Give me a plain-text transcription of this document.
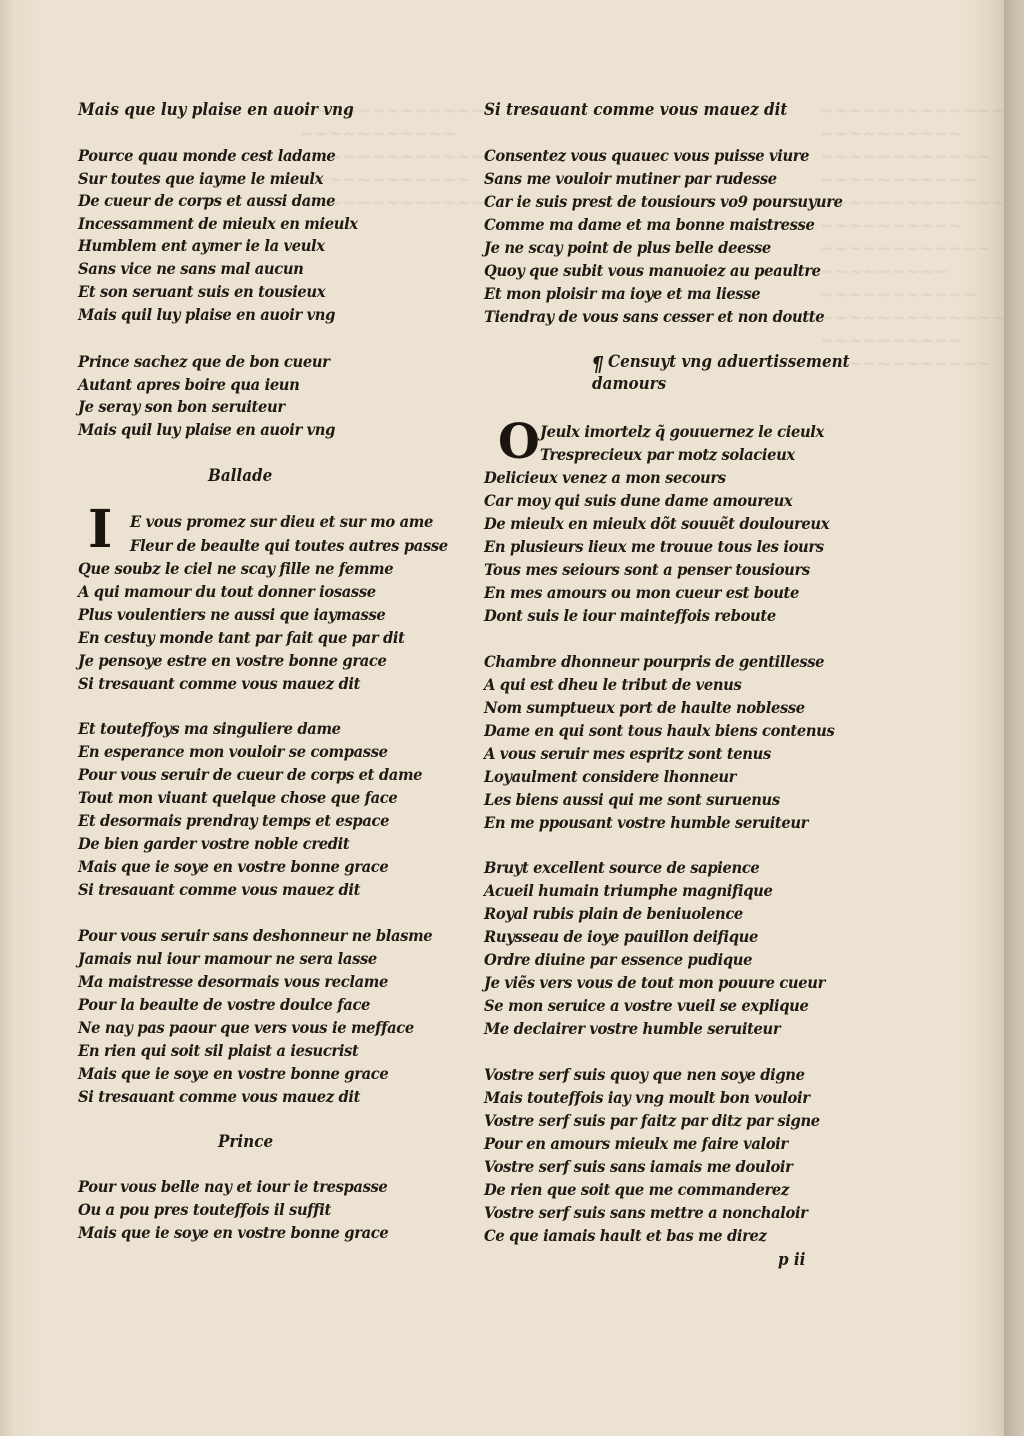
~~~~~~~~~~~~~
~~~~~~~~~~~
~~~~~~~~~~~~~~
~~~~~~~~~~~~
~~~~~~~~~~~~~
~~~~~~~~~~~~~
~~~~~~~~~~
~~~~~~~~~~~~
~~~~~~~~~~~
~~~~~~~~~~~~~
~~~~~~~~~~
~~~~~~~~~~~~
~~~~~~~~~
~~~~~~~~~~~
~~~~~~~~~~~~~
~~~~~~~~~~
~~~~~~~~~~~~
Mais que luy plaise en auoir vng
Pource quau monde cest ladame
Sur toutes que iayme le mieulx
De cueur de corps et aussi dame
Incessamment de mieulx en mieulx
Humblem ent aymer ie la veulx
Sans vice ne sans mal aucun
Et son seruant suis en tousieux
Mais quil luy plaise en auoir vng
Prince sachez que de bon cueur
Autant apres boire qua ieun
Je seray son bon seruiteur
Mais quil luy plaise en auoir vng
Ballade
I E vous promez sur dieu et sur mo ame
Fleur de beaulte qui toutes autres passe
Que soubz le ciel ne scay fille ne femme
A qui mamour du tout donner iosasse
Plus voulentiers ne aussi que iaymasse
En cestuy monde tant par fait que par dit
Je pensoye estre en vostre bonne grace
Si tresauant comme vous mauez dit
Et touteffoys ma singuliere dame
En esperance mon vouloir se compasse
Pour vous seruir de cueur de corps et dame
Tout mon viuant quelque chose que face
Et desormais prendray temps et espace
De bien garder vostre noble credit
Mais que ie soye en vostre bonne grace
Si tresauant comme vous mauez dit
Pour vous seruir sans deshonneur ne blasme
Jamais nul iour mamour ne sera lasse
Ma maistresse desormais vous reclame
Pour la beaulte de vostre doulce face
Ne nay pas paour que vers vous ie mefface
En rien qui soit sil plaist a iesucrist
Mais que ie soye en vostre bonne grace
Si tresauant comme vous mauez dit
Prince
Pour vous belle nay et iour ie trespasse
Ou a pou pres touteffois il suffit
Mais que ie soye en vostre bonne grace
Si tresauant comme vous mauez dit
Consentez vous quauec vous puisse viure
Sans me vouloir mutiner par rudesse
Car ie suis prest de tousiours vo9 poursuyure
Comme ma dame et ma bonne maistresse
Je ne scay point de plus belle deesse
Quoy que subit vous manuoiez au peaultre
Et mon ploisir ma ioye et ma liesse
Tiendray de vous sans cesser et non doutte
¶ Censuyt vng aduertissement
damours
O Jeulx imortelz q̃ gouuernez le cieulx
Tresprecieux par motz solacieux
Delicieux venez a mon secours
Car moy qui suis dune dame amoureux
De mieulx en mieulx dõt souuẽt douloureux
En plusieurs lieux me trouue tous les iours
Tous mes seiours sont a penser tousiours
En mes amours ou mon cueur est boute
Dont suis le iour mainteffois reboute
Chambre dhonneur pourpris de gentillesse
A qui est dheu le tribut de venus
Nom sumptueux port de haulte noblesse
Dame en qui sont tous haulx biens contenus
A vous seruir mes espritz sont tenus
Loyaulment considere lhonneur
Les biens aussi qui me sont suruenus
En me ppousant vostre humble seruiteur
Bruyt excellent source de sapience
Acueil humain triumphe magnifique
Royal rubis plain de beniuolence
Ruysseau de ioye pauillon deifique
Ordre diuine par essence pudique
Je viẽs vers vous de tout mon pouure cueur
Se mon seruice a vostre vueil se explique
Me declairer vostre humble seruiteur
Vostre serf suis quoy que nen soye digne
Mais touteffois iay vng moult bon vouloir
Vostre serf suis par faitz par ditz par signe
Pour en amours mieulx me faire valoir
Vostre serf suis sans iamais me douloir
De rien que soit que me commanderez
Vostre serf suis sans mettre a nonchaloir
Ce que iamais hault et bas me direz
p ii
